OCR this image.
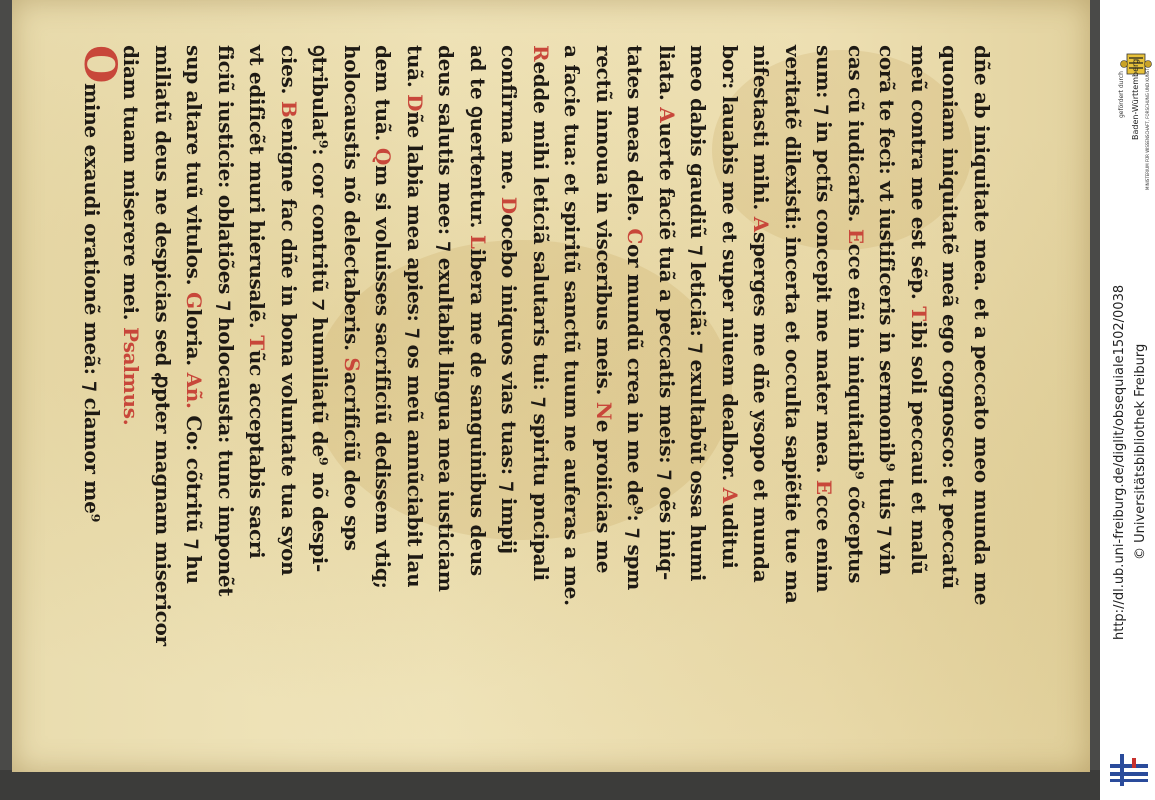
dñe ab iniquitate mea. et a peccato meo munda me
quoniam iniquitatẽ meã ego cognosco: et peccatũ
meũ contra me est sẽp. Tibi soli peccaui et malũ
corã te feci: vt iustificeris in sermonib⁹ tuis ⁊ vin
cas cũ iudicaris. Ecce eñi in iniquitatib⁹ cõceptus
sum: ⁊ in pctĩs concepit me mater mea. Ecce enim
veritatẽ dilexisti: incerta et occulta sapiẽtie tue ma
nifestasti mihi. Asperges me dñe ysopo et munda
bor: lauabis me et super niuem dealbor. Auditui
meo dabis gaudiũ ⁊ leticiã: ⁊ exultabũt ossa humi
liata. Auerte faciẽ tuã a peccatis meis: ⁊ oẽs iniq-
tates meas dele. Cor mundũ crea in me de⁹: ⁊ spm
rectũ innoua in visceribus meis. Ne proiicias me
a facie tua: et spiritũ sanctũ tuum ne auferas a me.
Redde mihi leticiã salutaris tui: ⁊ spiritu pncipali
confirma me. Docebo iniquos vias tuas: ⁊ impij
ad te ꝯuertentur. Libera me de sanguinibus deus
deus salutis mee: ⁊ exultabit lingua mea iusticiam
tuã. Dñe labia mea apies: ⁊ os meũ annũciabit lau
dem tuã. Qm si voluisses sacrificiũ dedissem vtiq;
holocaustis nõ delectaberis. Sacrificiũ deo sps
ꝯtribulat⁹: cor contritũ ⁊ humiliatũ de⁹ nõ despi-
cies. Benigne fac dñe in bona voluntate tua syon
vt edificẽt muri hierusalẽ. Tũc acceptabis sacri
ficiũ iusticie: oblatiões ⁊ holocausta: tunc imponẽt
sup altare tuũ vitulos. Gloria. Añ. Co: cõtritũ ⁊ hu
miliatũ deus ne despicias sed ꝓpter magnam misericor
diam tuam miserere mei. Psalmus.
Omine exaudi orationẽ meã: ⁊ clamor me⁹	gefördert durch Baden-Württemberg	MINISTERIUM FÜR WISSENSCHAFT, FORSCHUNG UND KUNST
http://dl.ub.uni-freiburg.de/diglit/obsequiale1502/0038 © Universitätsbibliothek Freiburg
